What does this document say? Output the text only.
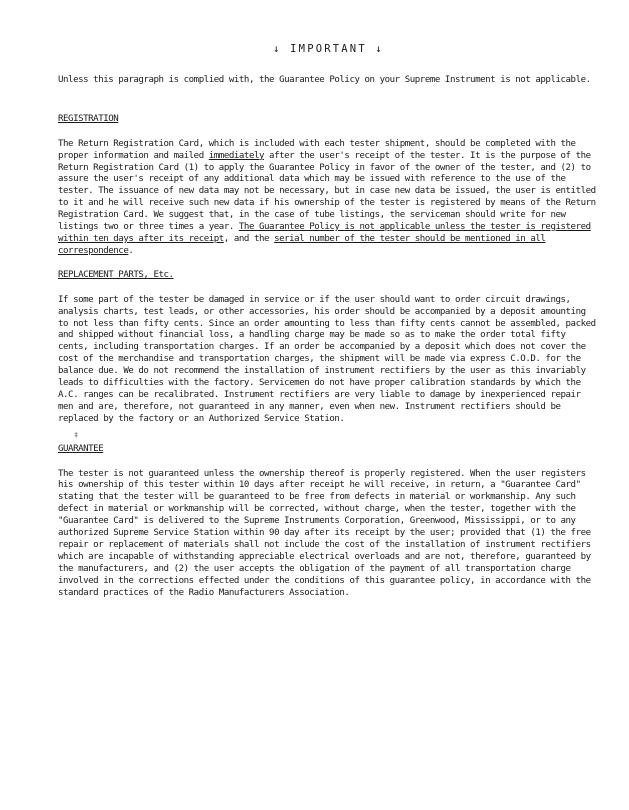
↓ IMPORTANT ↓
Unless this paragraph is complied with, the Guarantee Policy on your Supreme Instrument is not applicable.
REGISTRATION
The Return Registration Card, which is included with each tester shipment, should be completed with the proper information and mailed immediately after the user's receipt of the tester. It is the purpose of the Return Registration Card (1) to apply the Guarantee Policy in favor of the owner of the tester, and (2) to assure the user's receipt of any additional data which may be issued with reference to the use of the tester. The issuance of new data may not be necessary, but in case new data be issued, the user is entitled to it and he will receive such new data if his ownership of the tester is registered by means of the Return Registration Card. We suggest that, in the case of tube listings, the serviceman should write for new listings two or three times a year. The Guarantee Policy is not applicable unless the tester is registered within ten days after its receipt, and the serial number of the tester should be mentioned in all correspondence.
REPLACEMENT PARTS, Etc.
If some part of the tester be damaged in service or if the user should want to order circuit drawings, analysis charts, test leads, or other accessories, his order should be accompanied by a deposit amounting to not less than fifty cents. Since an order amounting to less than fifty cents cannot be assembled, packed and shipped without financial loss, a handling charge may be made so as to make the order total fifty cents, including transportation charges. If an order be accompanied by a deposit which does not cover the cost of the merchandise and transportation charges, the shipment will be made via express C.O.D. for the balance due. We do not recommend the installation of instrument rectifiers by the user as this invariably leads to difficulties with the factory. Servicemen do not have proper calibration standards by which the A.C. ranges can be recalibrated. Instrument rectifiers are very liable to damage by inexperienced repair men and are, therefore, not guaranteed in any manner, even when new. Instrument rectifiers should be replaced by the factory or an Authorized Service Station.
‡
GUARANTEE
The tester is not guaranteed unless the ownership thereof is properly registered. When the user registers his ownership of this tester within 10 days after receipt he will receive, in return, a "Guarantee Card" stating that the tester will be guaranteed to be free from defects in material or workmanship. Any such defect in material or workmanship will be corrected, without charge, when the tester, together with the "Guarantee Card" is delivered to the Supreme Instruments Corporation, Greenwood, Mississippi, or to any authorized Supreme Service Station within 90 day after its receipt by the user; provided that (1) the free repair or replacement of materials shall not include the cost of the installation of instrument rectifiers which are incapable of withstanding appreciable electrical overloads and are not, therefore, guaranteed by the manufacturers, and (2) the user accepts the obligation of the payment of all transportation charge involved in the corrections effected under the conditions of this guarantee policy, in accordance with the standard practices of the Radio Manufacturers Association.
